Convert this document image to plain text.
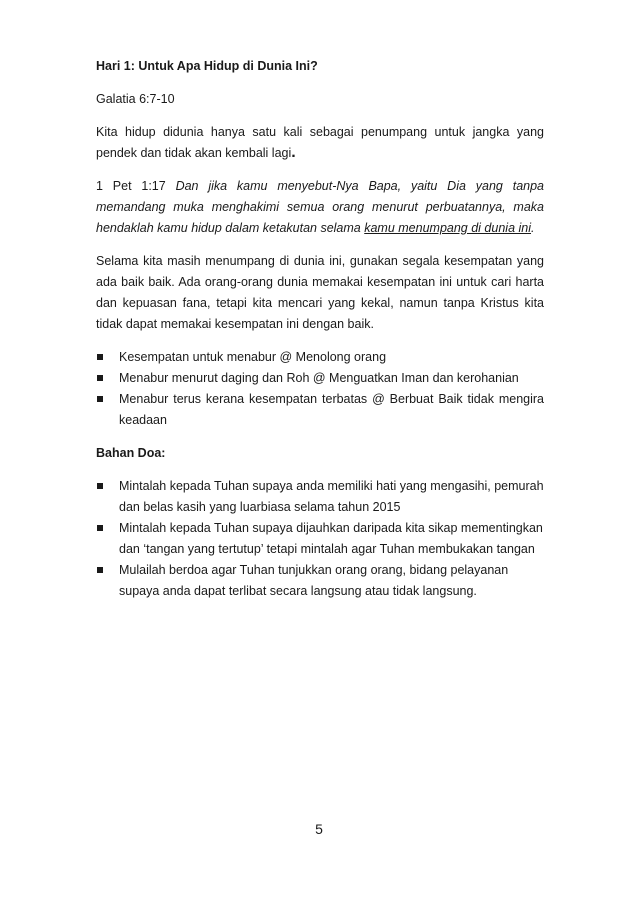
Hari 1: Untuk Apa Hidup di Dunia Ini?

Galatia 6:7-10

Kita hidup didunia hanya satu kali sebagai penumpang untuk jangka yang pendek dan tidak akan kembali lagi.

1 Pet 1:17 Dan jika kamu menyebut-Nya Bapa, yaitu Dia yang tanpa memandang muka menghakimi semua orang menurut perbuatannya, maka hendaklah kamu hidup dalam ketakutan selama kamu menumpang di dunia ini.

Selama kita masih menumpang di dunia ini, gunakan segala kesempatan yang ada baik baik. Ada orang-orang dunia memakai kesempatan ini untuk cari harta dan kepuasan fana, tetapi kita mencari yang kekal, namun tanpa Kristus kita tidak dapat memakai kesempatan ini dengan baik.

Kesempatan untuk menabur @ Menolong orang
Menabur menurut daging dan Roh @ Menguatkan Iman dan kerohanian
Menabur terus kerana kesempatan terbatas @ Berbuat Baik tidak mengira keadaan

Bahan Doa:

Mintalah kepada Tuhan supaya anda memiliki hati yang mengasihi, pemurah dan belas kasih yang luarbiasa selama tahun 2015
Mintalah kepada Tuhan supaya dijauhkan daripada kita sikap mementingkan dan ‘tangan yang tertutup’ tetapi mintalah agar Tuhan membukakan tangan
Mulailah berdoa agar Tuhan tunjukkan orang orang, bidang pelayanan supaya anda dapat terlibat secara langsung atau tidak langsung.
5
